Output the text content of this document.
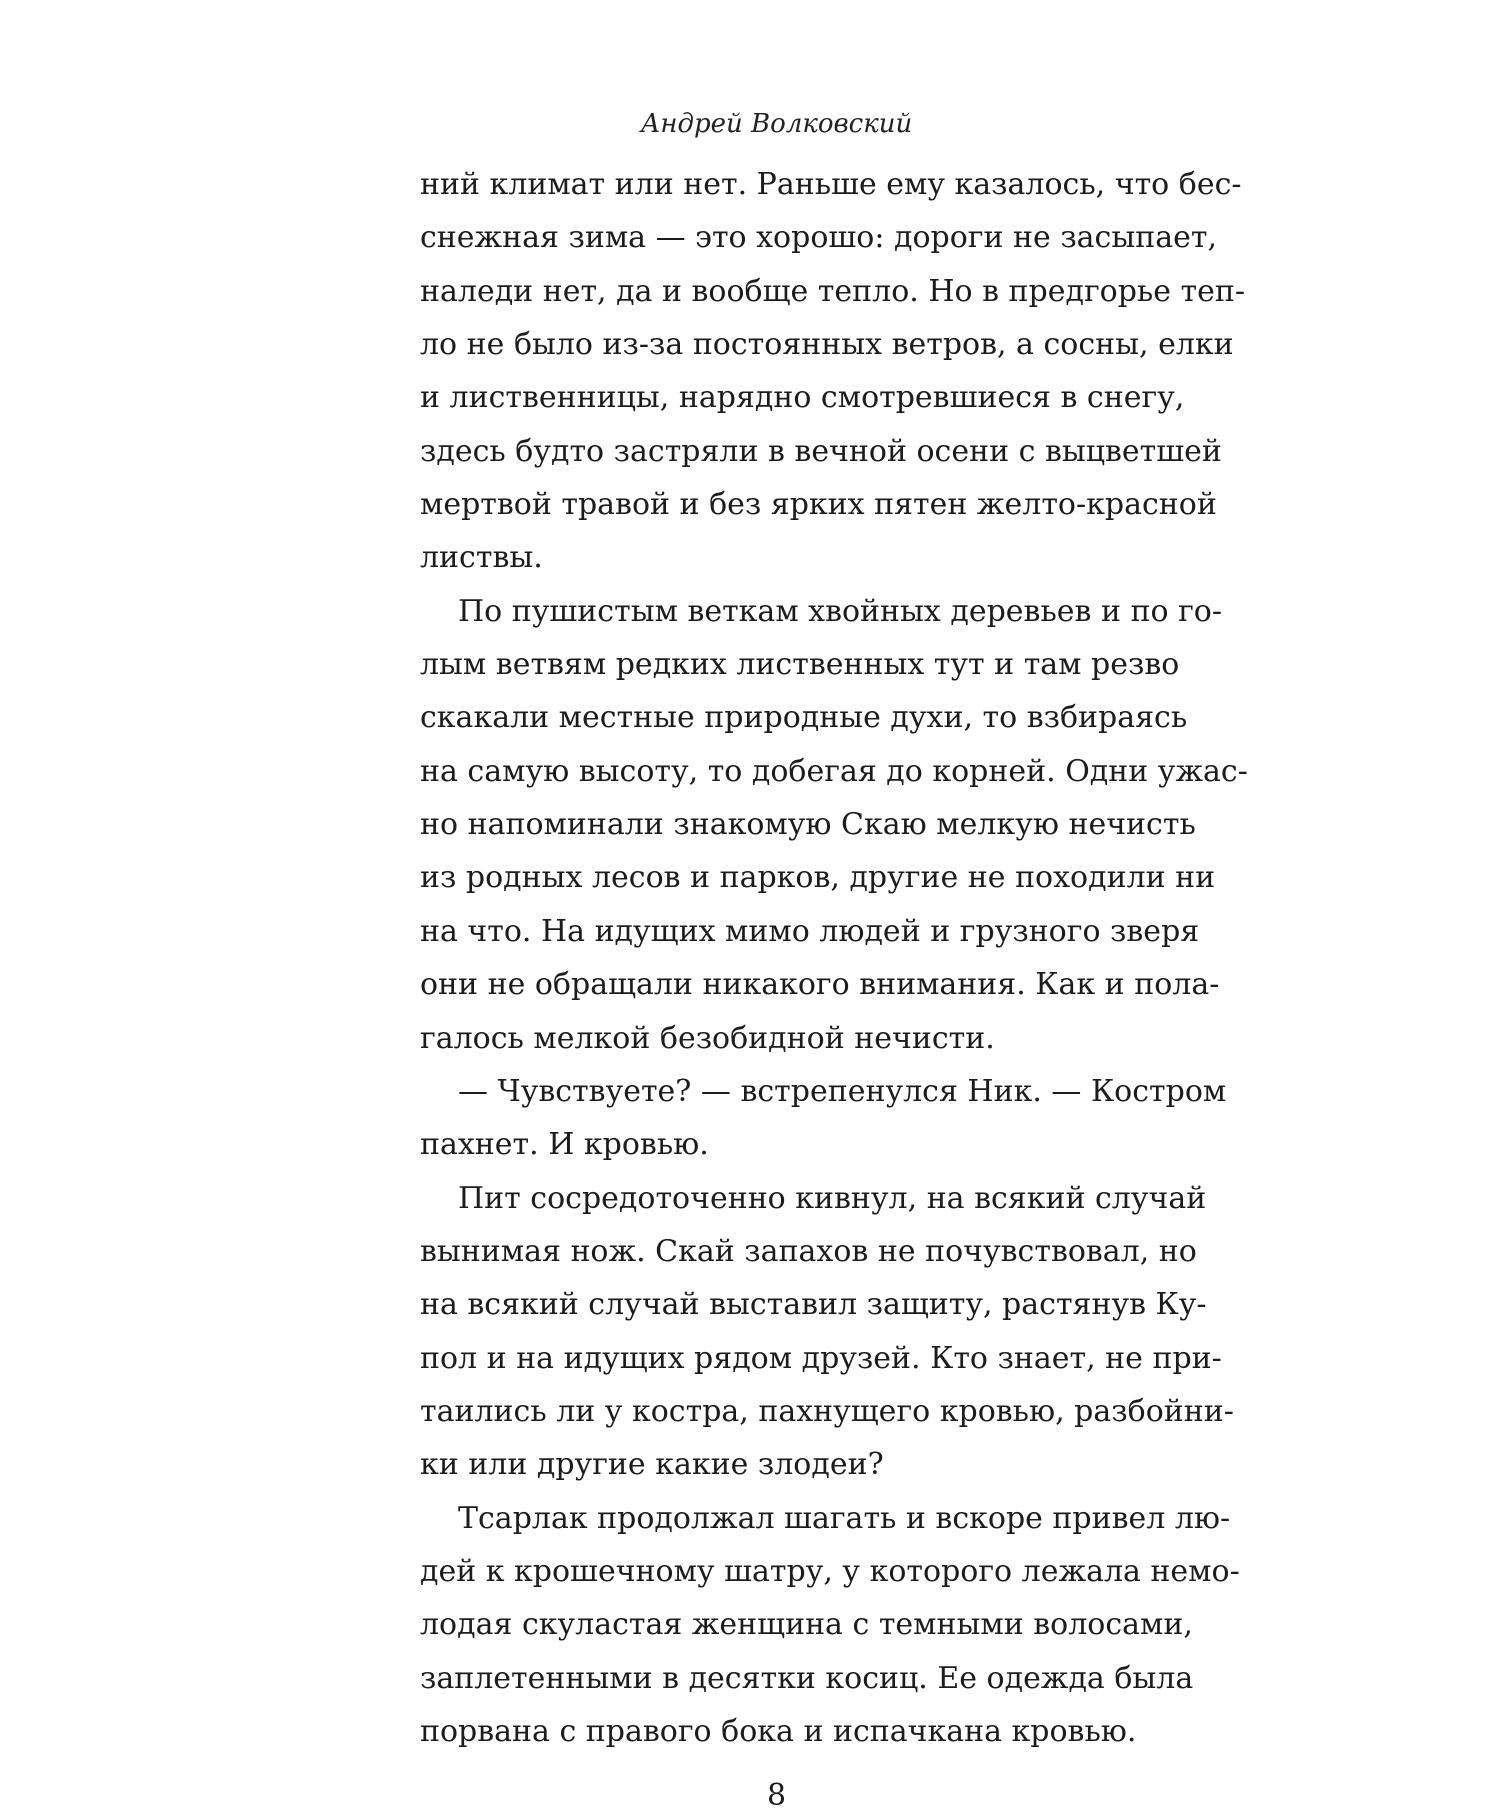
Андрей Волковский
ний климат или нет. Раньше ему казалось, что бес-
снежная зима — это хорошо: дороги не засыпает,
наледи нет, да и вообще тепло. Но в предгорье теп-
ло не было из-за постоянных ветров, а сосны, елки
и лиственницы, нарядно смотревшиеся в снегу,
здесь будто застряли в вечной осени с выцветшей
мертвой травой и без ярких пятен желто-красной
листвы.
По пушистым веткам хвойных деревьев и по го-
лым ветвям редких лиственных тут и там резво
скакали местные природные духи, то взбираясь
на самую высоту, то добегая до корней. Одни ужас-
но напоминали знакомую Скаю мелкую нечисть
из родных лесов и парков, другие не походили ни
на что. На идущих мимо людей и грузного зверя
они не обращали никакого внимания. Как и пола-
галось мелкой безобидной нечисти.
— Чувствуете? — встрепенулся Ник. — Костром
пахнет. И кровью.
Пит сосредоточенно кивнул, на всякий случай
вынимая нож. Скай запахов не почувствовал, но
на всякий случай выставил защиту, растянув Ку-
пол и на идущих рядом друзей. Кто знает, не при-
таились ли у костра, пахнущего кровью, разбойни-
ки или другие какие злодеи?
Тсарлак продолжал шагать и вскоре привел лю-
дей к крошечному шатру, у которого лежала немо-
лодая скуластая женщина с темными волосами,
заплетенными в десятки косиц. Ее одежда была
порвана с правого бока и испачкана кровью.
8
